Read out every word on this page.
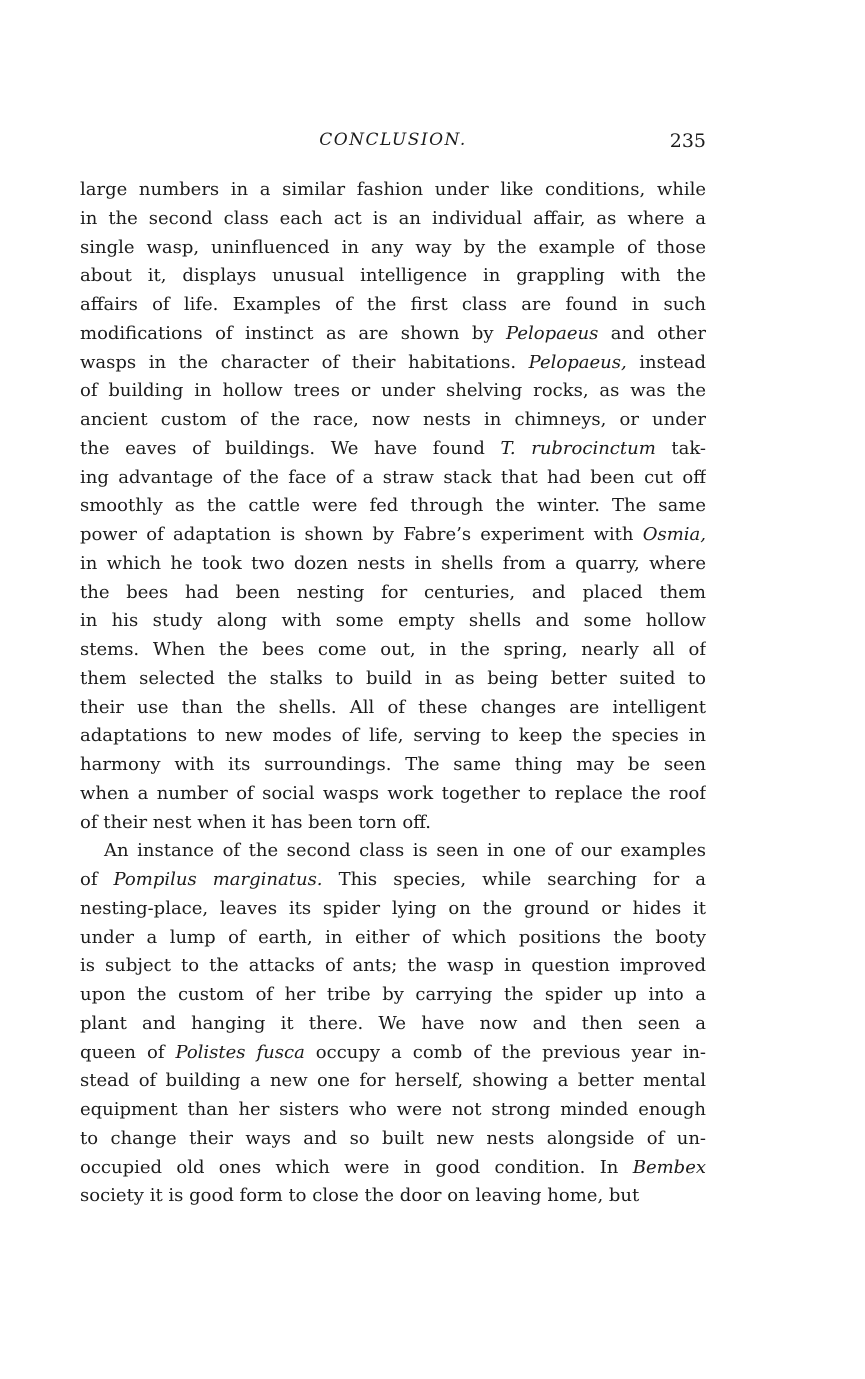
CONCLUSION.	235
large numbers in a similar fashion under like conditions, while
in the second class each act is an individual affair, as where a
single wasp, uninfluenced in any way by the example of those
about it, displays unusual intelligence in grappling with the
affairs of life. Examples of the first class are found in such
modifications of instinct as are shown by Pelopaeus and other
wasps in the character of their habitations. Pelopaeus, instead
of building in hollow trees or under shelving rocks, as was the
ancient custom of the race, now nests in chimneys, or under
the eaves of buildings. We have found T. rubrocinctum tak-
ing advantage of the face of a straw stack that had been cut off
smoothly as the cattle were fed through the winter. The same
power of adaptation is shown by Fabre’s experiment with Osmia,
in which he took two dozen nests in shells from a quarry, where
the bees had been nesting for centuries, and placed them
in his study along with some empty shells and some hollow
stems. When the bees come out, in the spring, nearly all of
them selected the stalks to build in as being better suited to
their use than the shells. All of these changes are intelligent
adaptations to new modes of life, serving to keep the species in
harmony with its surroundings. The same thing may be seen
when a number of social wasps work together to replace the roof
of their nest when it has been torn off.
An instance of the second class is seen in one of our examples
of Pompilus marginatus. This species, while searching for a
nesting-place, leaves its spider lying on the ground or hides it
under a lump of earth, in either of which positions the booty
is subject to the attacks of ants; the wasp in question improved
upon the custom of her tribe by carrying the spider up into a
plant and hanging it there. We have now and then seen a
queen of Polistes fusca occupy a comb of the previous year in-
stead of building a new one for herself, showing a better mental
equipment than her sisters who were not strong minded enough
to change their ways and so built new nests alongside of un-
occupied old ones which were in good condition. In Bembex
society it is good form to close the door on leaving home, but
